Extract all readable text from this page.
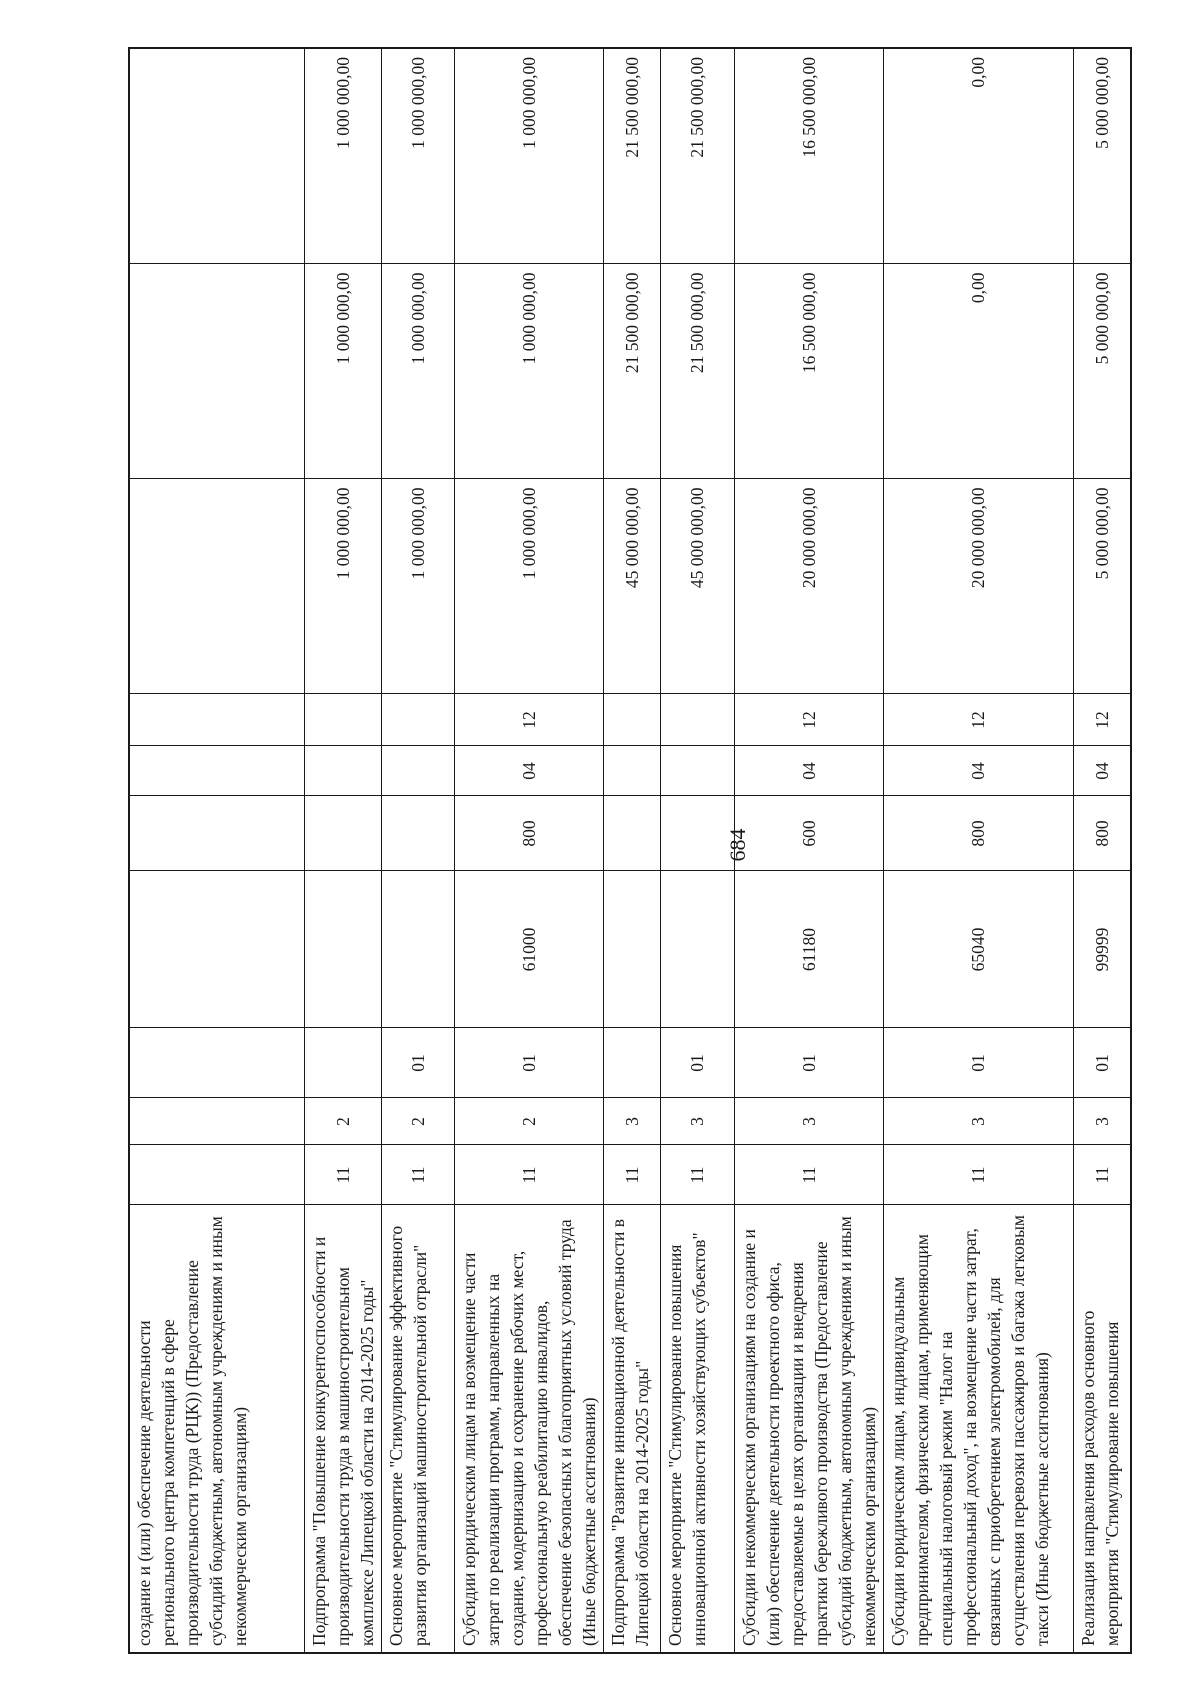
684
создание и (или) обеспечение деятельности регионального центра компетенций в сфере производительности труда (РЦК)) (Предоставление субсидий бюджетным, автономным учреждениям и иным некоммерческим организациям)										
Подпрограмма "Повышение конкурентоспособности и производительности труда в машиностроительном комплексе Липецкой области на 2014-2025 годы"	11	2						1 000 000,00	1 000 000,00	1 000 000,00
Основное мероприятие "Стимулирование эффективного развития организаций машиностроительной отрасли"	11	2	01					1 000 000,00	1 000 000,00	1 000 000,00
Субсидии юридическим лицам на возмещение части затрат по реализации программ, направленных на создание, модернизацию и сохранение рабочих мест, профессиональную реабилитацию инвалидов, обеспечение безопасных и благоприятных условий труда (Иные бюджетные ассигнования)	11	2	01	61000	800	04	12	1 000 000,00	1 000 000,00	1 000 000,00
Подпрограмма "Развитие инновационной деятельности в Липецкой области на 2014-2025 годы"	11	3						45 000 000,00	21 500 000,00	21 500 000,00
Основное мероприятие "Стимулирование повышения инновационной активности хозяйствующих субъектов"	11	3	01					45 000 000,00	21 500 000,00	21 500 000,00
Субсидии некоммерческим организациям на создание и (или) обеспечение деятельности проектного офиса, предоставляемые в целях организации и внедрения практики бережливого производства (Предоставление субсидий бюджетным, автономным учреждениям и иным некоммерческим организациям)	11	3	01	61180	600	04	12	20 000 000,00	16 500 000,00	16 500 000,00
Субсидии юридическим лицам, индивидуальным предпринимателям, физическим лицам, применяющим специальный налоговый режим "Налог на профессиональный доход", на возмещение части затрат, связанных с приобретением электромобилей, для осуществления перевозки пассажиров и багажа легковым такси (Иные бюджетные ассигнования)	11	3	01	65040	800	04	12	20 000 000,00	0,00	0,00
Реализация направления расходов основного мероприятия "Стимулирование повышения	11	3	01	99999	800	04	12	5 000 000,00	5 000 000,00	5 000 000,00
